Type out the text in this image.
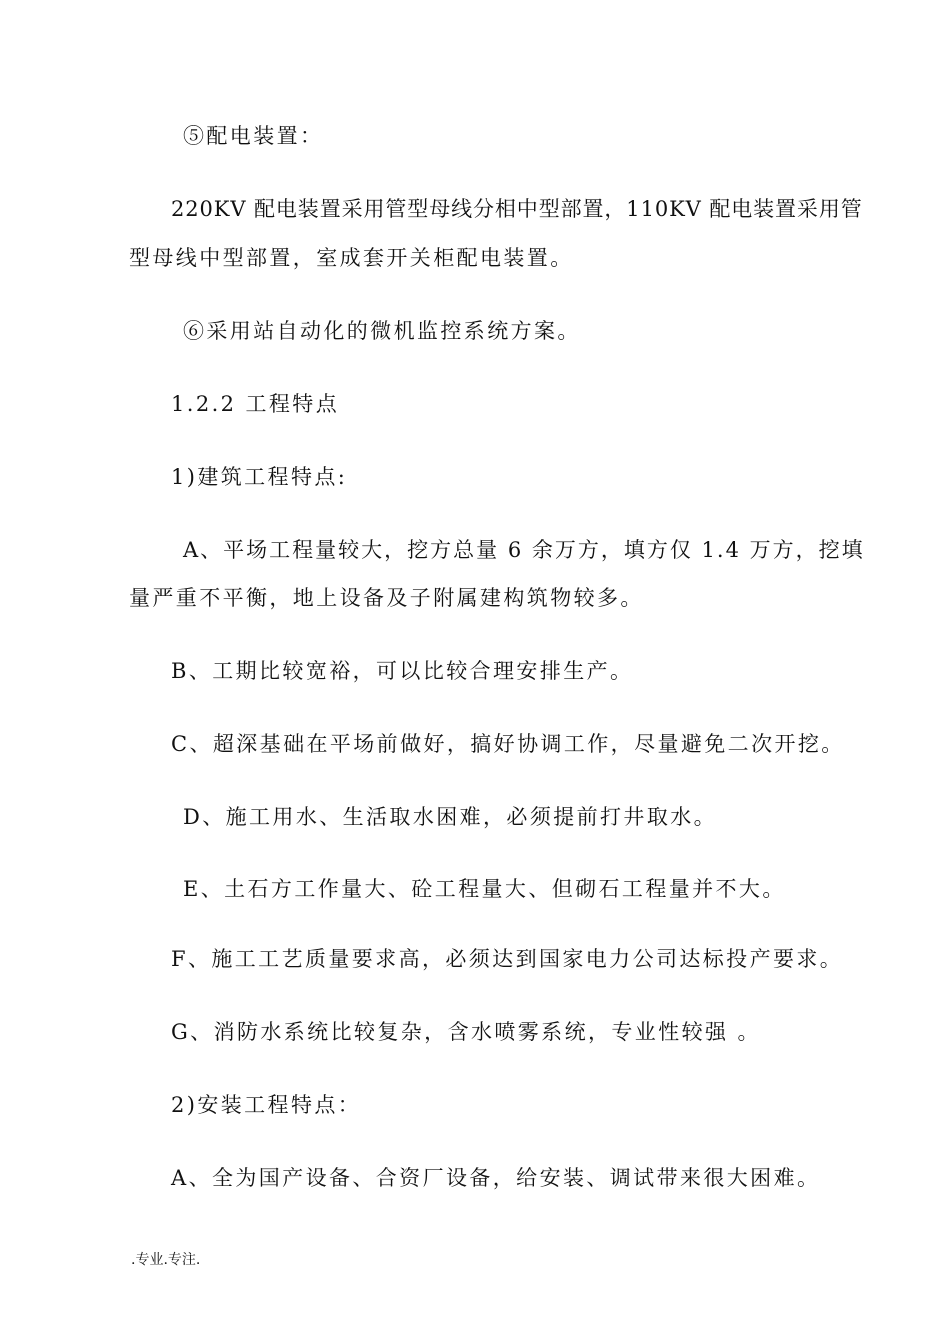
⑤配电装置：
220KV 配电装置采用管型母线分相中型部置，110KV 配电装置采用管
型母线中型部置，室成套开关柜配电装置。
⑥采用站自动化的微机监控系统方案。
1.2.2 工程特点
1)建筑工程特点:
A、平场工程量较大，挖方总量 6 余万方，填方仅 1.4 万方，挖填
量严重不平衡，地上设备及子附属建构筑物较多。
B、工期比较宽裕，可以比较合理安排生产。
C、超深基础在平场前做好，搞好协调工作，尽量避免二次开挖。
D、施工用水、生活取水困难，必须提前打井取水。
E、土石方工作量大、砼工程量大、但砌石工程量并不大。
F、施工工艺质量要求高，必须达到国家电力公司达标投产要求。
G、消防水系统比较复杂，含水喷雾系统，专业性较强 。
2)安装工程特点：
A、全为国产设备、合资厂设备，给安装、调试带来很大困难。
.专业.专注.
